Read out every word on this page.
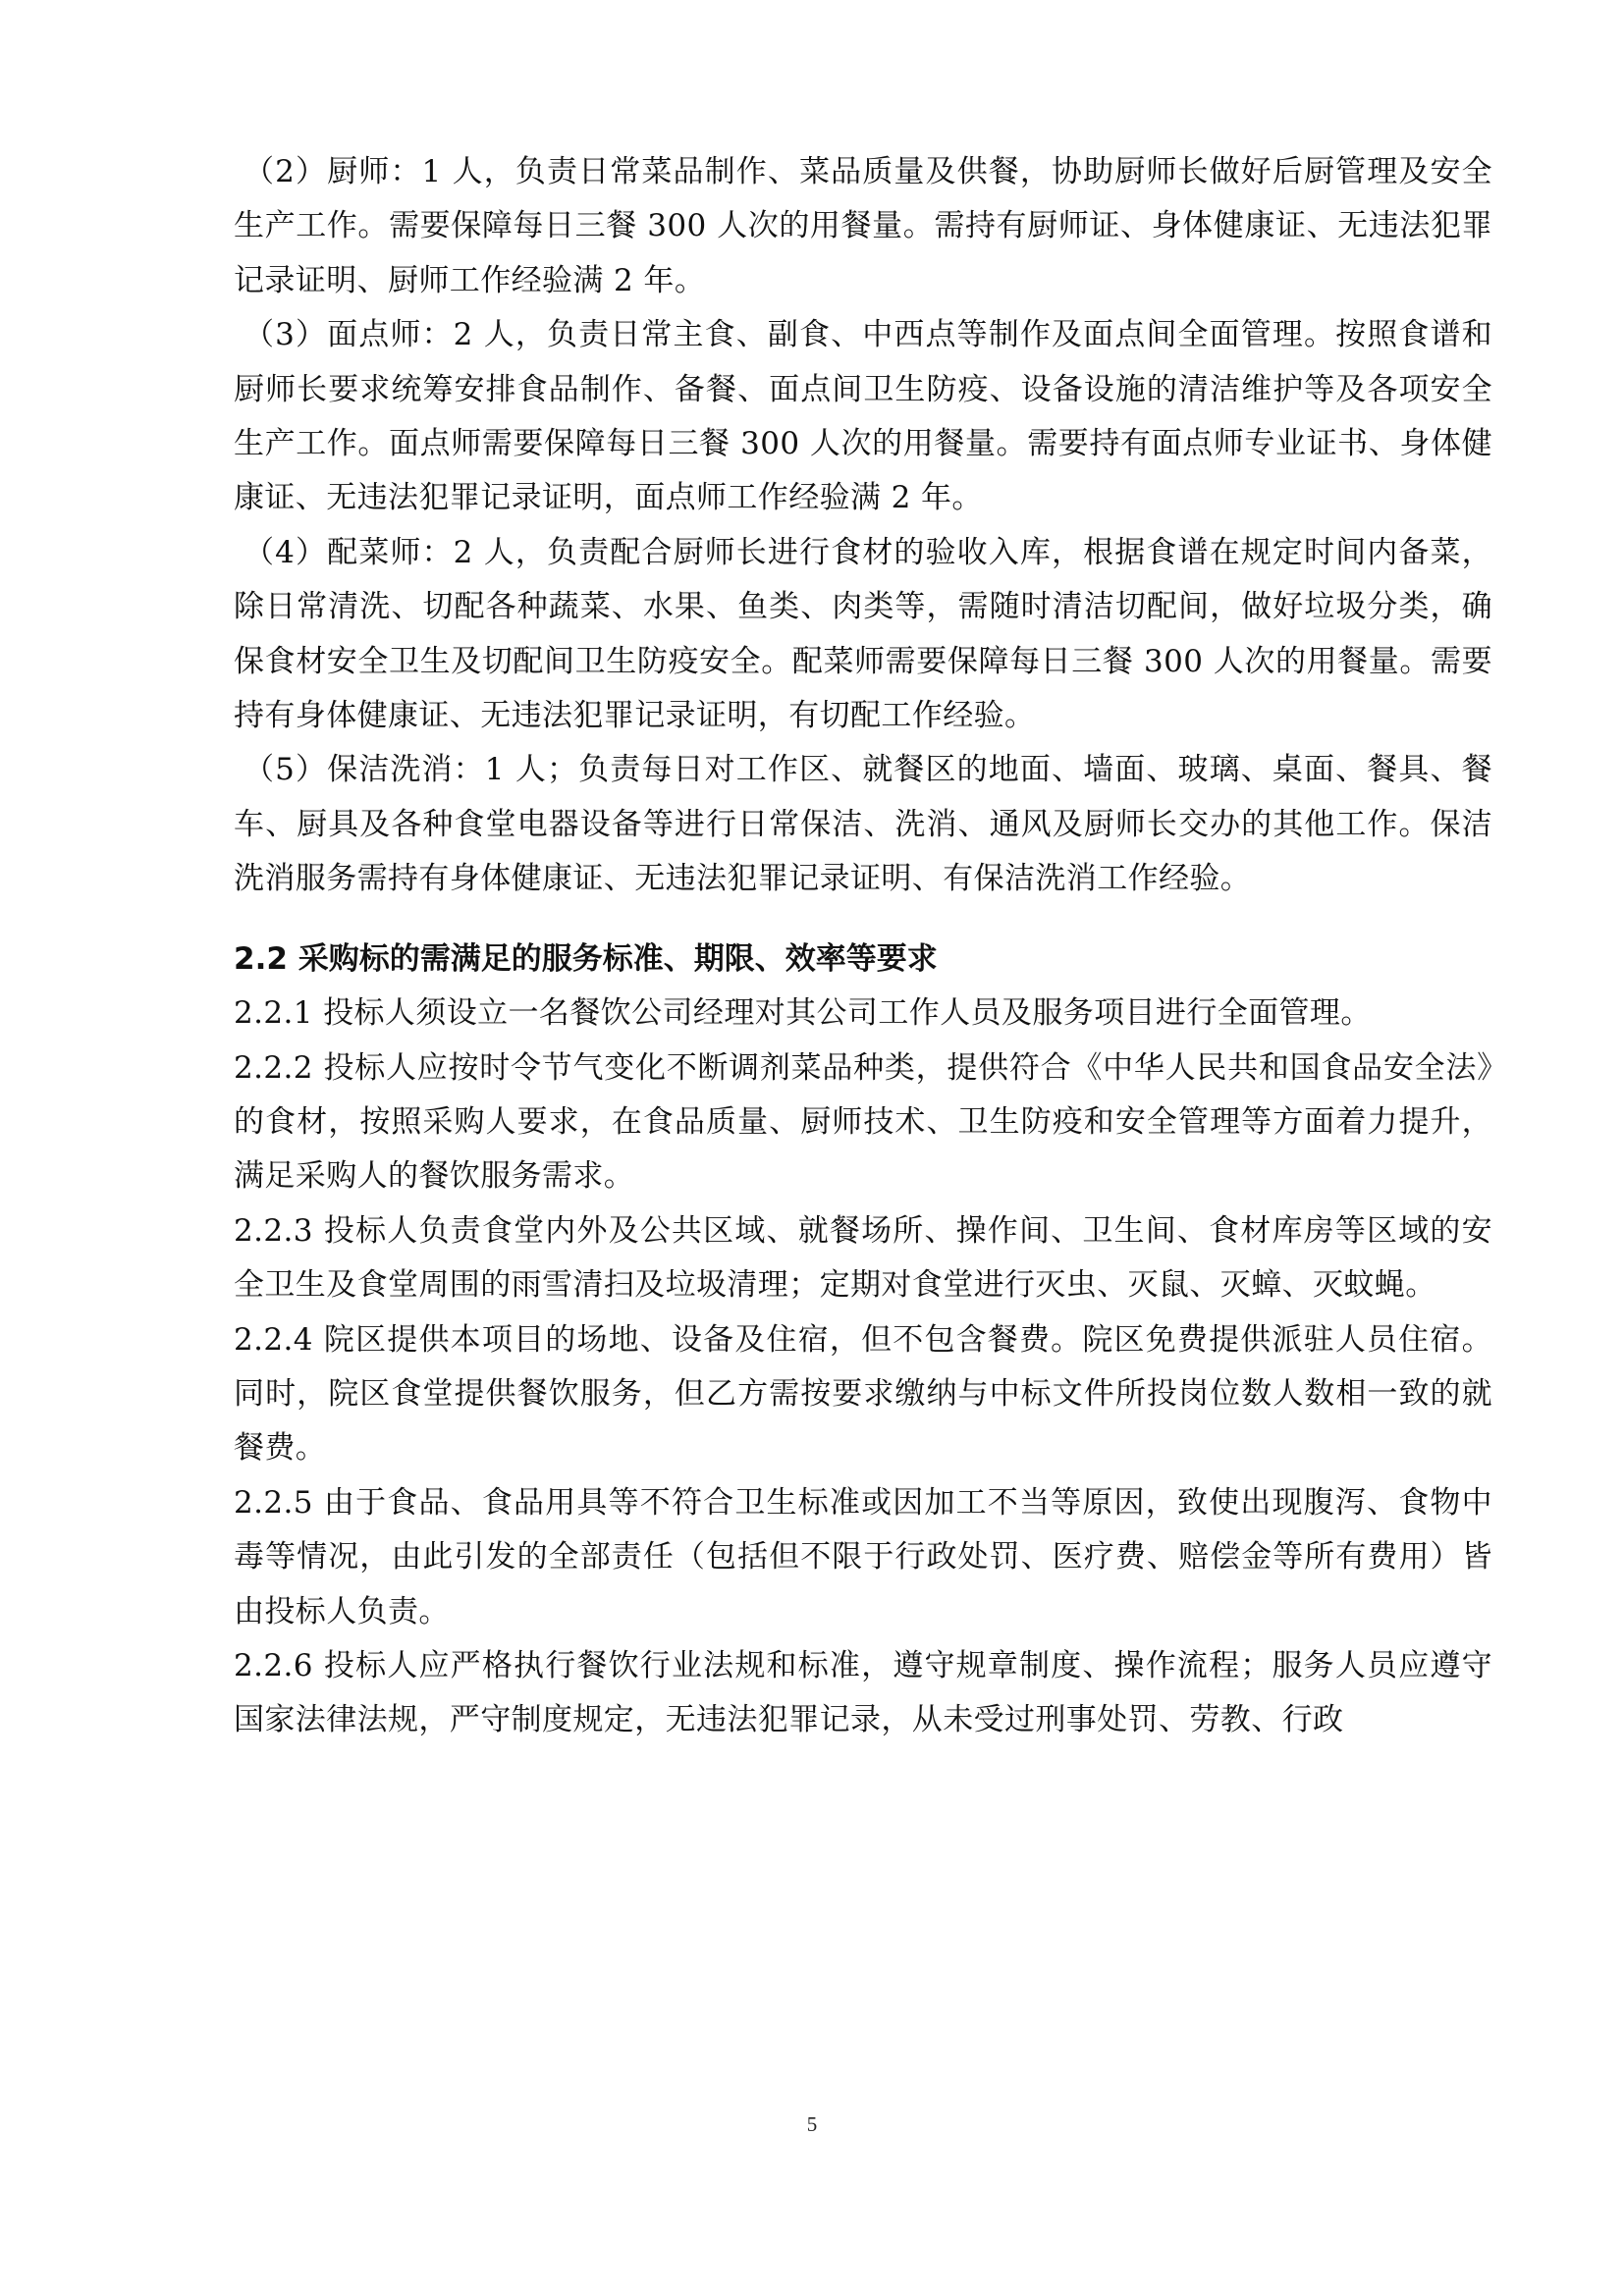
（2）厨师：1 人，负责日常菜品制作、菜品质量及供餐，协助厨师长做好后厨管理及安全生产工作。需要保障每日三餐 300 人次的用餐量。需持有厨师证、身体健康证、无违法犯罪记录证明、厨师工作经验满 2 年。

（3）面点师：2 人，负责日常主食、副食、中西点等制作及面点间全面管理。按照食谱和厨师长要求统筹安排食品制作、备餐、面点间卫生防疫、设备设施的清洁维护等及各项安全生产工作。面点师需要保障每日三餐 300 人次的用餐量。需要持有面点师专业证书、身体健康证、无违法犯罪记录证明，面点师工作经验满 2 年。

（4）配菜师：2 人，负责配合厨师长进行食材的验收入库，根据食谱在规定时间内备菜，除日常清洗、切配各种蔬菜、水果、鱼类、肉类等，需随时清洁切配间，做好垃圾分类，确保食材安全卫生及切配间卫生防疫安全。配菜师需要保障每日三餐 300 人次的用餐量。需要持有身体健康证、无违法犯罪记录证明，有切配工作经验。

（5）保洁洗消：1 人；负责每日对工作区、就餐区的地面、墙面、玻璃、桌面、餐具、餐车、厨具及各种食堂电器设备等进行日常保洁、洗消、通风及厨师长交办的其他工作。保洁洗消服务需持有身体健康证、无违法犯罪记录证明、有保洁洗消工作经验。

2.2 采购标的需满足的服务标准、期限、效率等要求

2.2.1 投标人须设立一名餐饮公司经理对其公司工作人员及服务项目进行全面管理。

2.2.2 投标人应按时令节气变化不断调剂菜品种类，提供符合《中华人民共和国食品安全法》的食材，按照采购人要求，在食品质量、厨师技术、卫生防疫和安全管理等方面着力提升，满足采购人的餐饮服务需求。

2.2.3 投标人负责食堂内外及公共区域、就餐场所、操作间、卫生间、食材库房等区域的安全卫生及食堂周围的雨雪清扫及垃圾清理；定期对食堂进行灭虫、灭鼠、灭蟑、灭蚊蝇。

2.2.4 院区提供本项目的场地、设备及住宿，但不包含餐费。院区免费提供派驻人员住宿。同时，院区食堂提供餐饮服务，但乙方需按要求缴纳与中标文件所投岗位数人数相一致的就餐费。

2.2.5 由于食品、食品用具等不符合卫生标准或因加工不当等原因，致使出现腹泻、食物中毒等情况，由此引发的全部责任（包括但不限于行政处罚、医疗费、赔偿金等所有费用）皆由投标人负责。

2.2.6 投标人应严格执行餐饮行业法规和标准，遵守规章制度、操作流程；服务人员应遵守国家法律法规，严守制度规定，无违法犯罪记录，从未受过刑事处罚、劳教、行政

5
